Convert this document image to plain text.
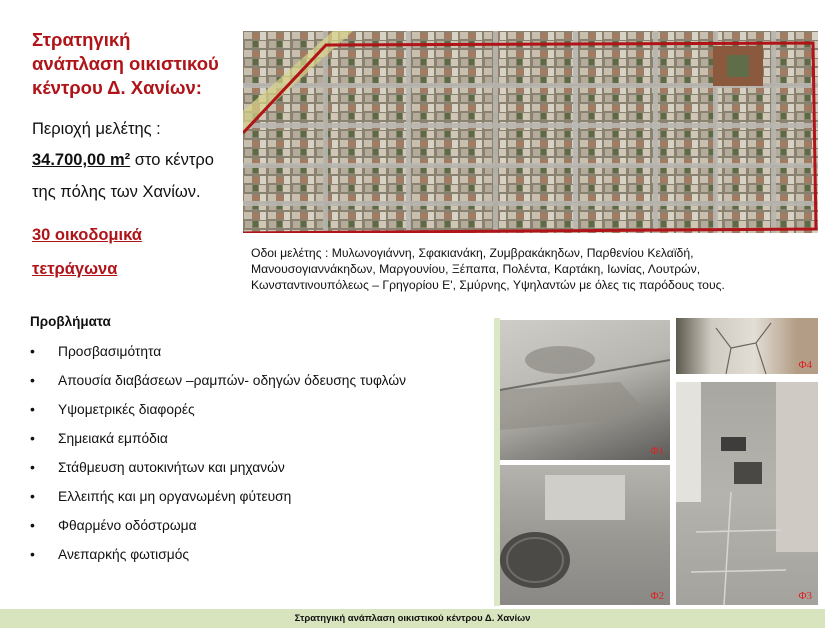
Στρατηγική
ανάπλαση οικιστικού
κέντρου Δ. Χανίων:
Περιοχή μελέτης :
34.700,00 m² στο κέντρο
της πόλης των Χανίων.
30 οικοδομικά
τετράγωνα
Οδοι μελέτης : Μυλωνογιάννη, Σφακιανάκη, Ζυμβρακάκηδων, Παρθενίου Κελαϊδή,
Μανουσογιαννάκηδων, Μαργουνίου, Ξέπαπα, Πολέντα, Καρτάκη, Ιωνίας, Λουτρών,
Κωνσταντινουπόλεως – Γρηγορίου Ε', Σμύρνης, Υψηλαντών με όλες τις παρόδους τους.
Προβλήματα
• Προσβασιμότητα
• Απουσία διαβάσεων –ραμπών- οδηγών όδευσης τυφλών
• Υψομετρικές διαφορές
• Σημειακά εμπόδια
• Στάθμευση αυτοκινήτων και μηχανών
• Ελλειπής και μη οργανωμένη φύτευση
• Φθαρμένο οδόστρωμα
• Ανεπαρκής φωτισμός
Φ1
Φ2
Φ4
Φ3
Στρατηγική ανάπλαση οικιστικού κέντρου Δ. Χανίων
